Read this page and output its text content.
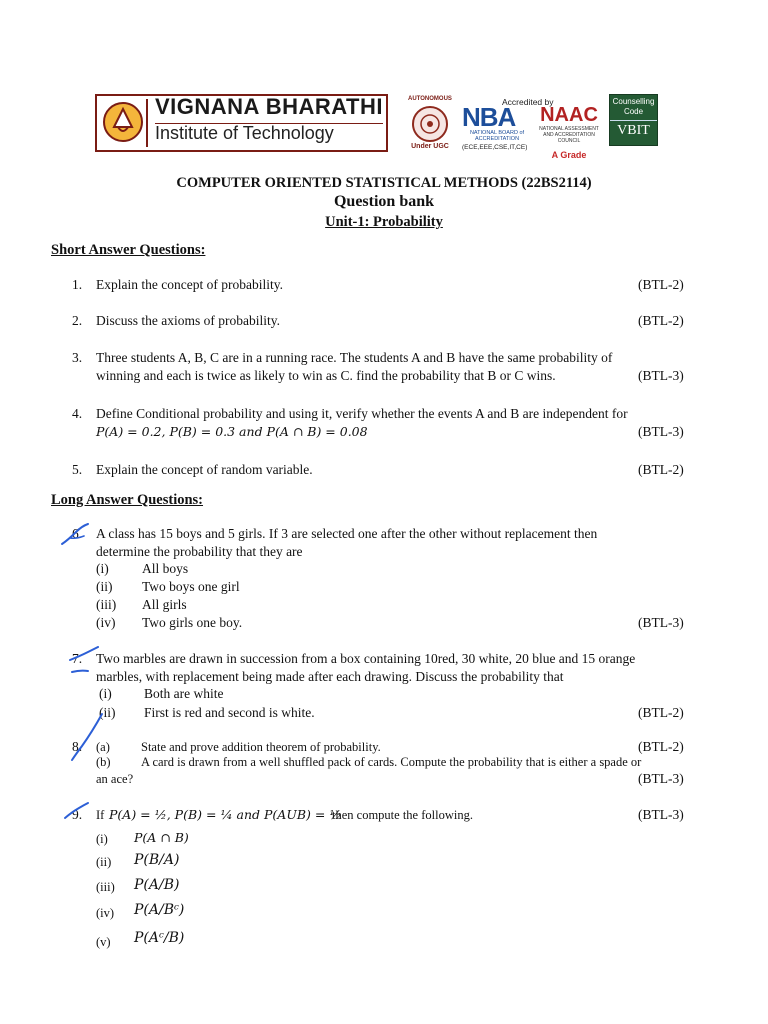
VIGNANA BHARATHI
Institute of Technology
AUTONOMOUS
Under UGC
Accredited by
NBA
NATIONAL BOARD of ACCREDITATION
(ECE,EEE,CSE,IT,CE)
NAAC
NATIONAL ASSESSMENT AND ACCREDITATION COUNCIL
A Grade
Counselling
Code
VBIT
COMPUTER ORIENTED STATISTICAL METHODS (22BS2114)
Question bank
Unit-1: Probability
Short Answer Questions:
1. Explain the concept of probability.	(BTL-2)
2. Discuss the axioms of probability.	(BTL-2)
3. Three students A, B, C are in a running race. The students A and B have the same probability of
winning and each is twice as likely to win as C. find the probability that B or C wins.	(BTL-3)
4. Define Conditional probability and using it, verify whether the events A and B are independent for
P(A) = 0.2, P(B) = 0.3 and P(A ∩ B) = 0.08	(BTL-3)
5. Explain the concept of random variable.	(BTL-2)
Long Answer Questions:
6. A class has 15 boys and 5 girls. If 3 are selected one after the other without replacement then
determine the probability that they are
(i) All boys
(ii) Two boys one girl
(iii) All girls
(iv) Two girls one boy.	(BTL-3)
7. Two marbles are drawn in succession from a box containing 10red, 30 white, 20 blue and 15 orange
marbles, with replacement being made after each drawing. Discuss the probability that
(i) Both are white
(ii) First is red and second is white.	(BTL-2)
8. (a) State and prove addition theorem of probability.	(BTL-2)
(b) A card is drawn from a well shuffled pack of cards. Compute the probability that is either a spade or
an ace?	(BTL-3)
9. If P(A) = ½, P(B) = ¼ and P(AUB) = ½
then compute the following.	(BTL-3)
(i) P(A ∩ B)
(ii) P(B/A)
(iii) P(A/B)
(iv) P(A/Bᶜ)
(v) P(Aᶜ/B)
